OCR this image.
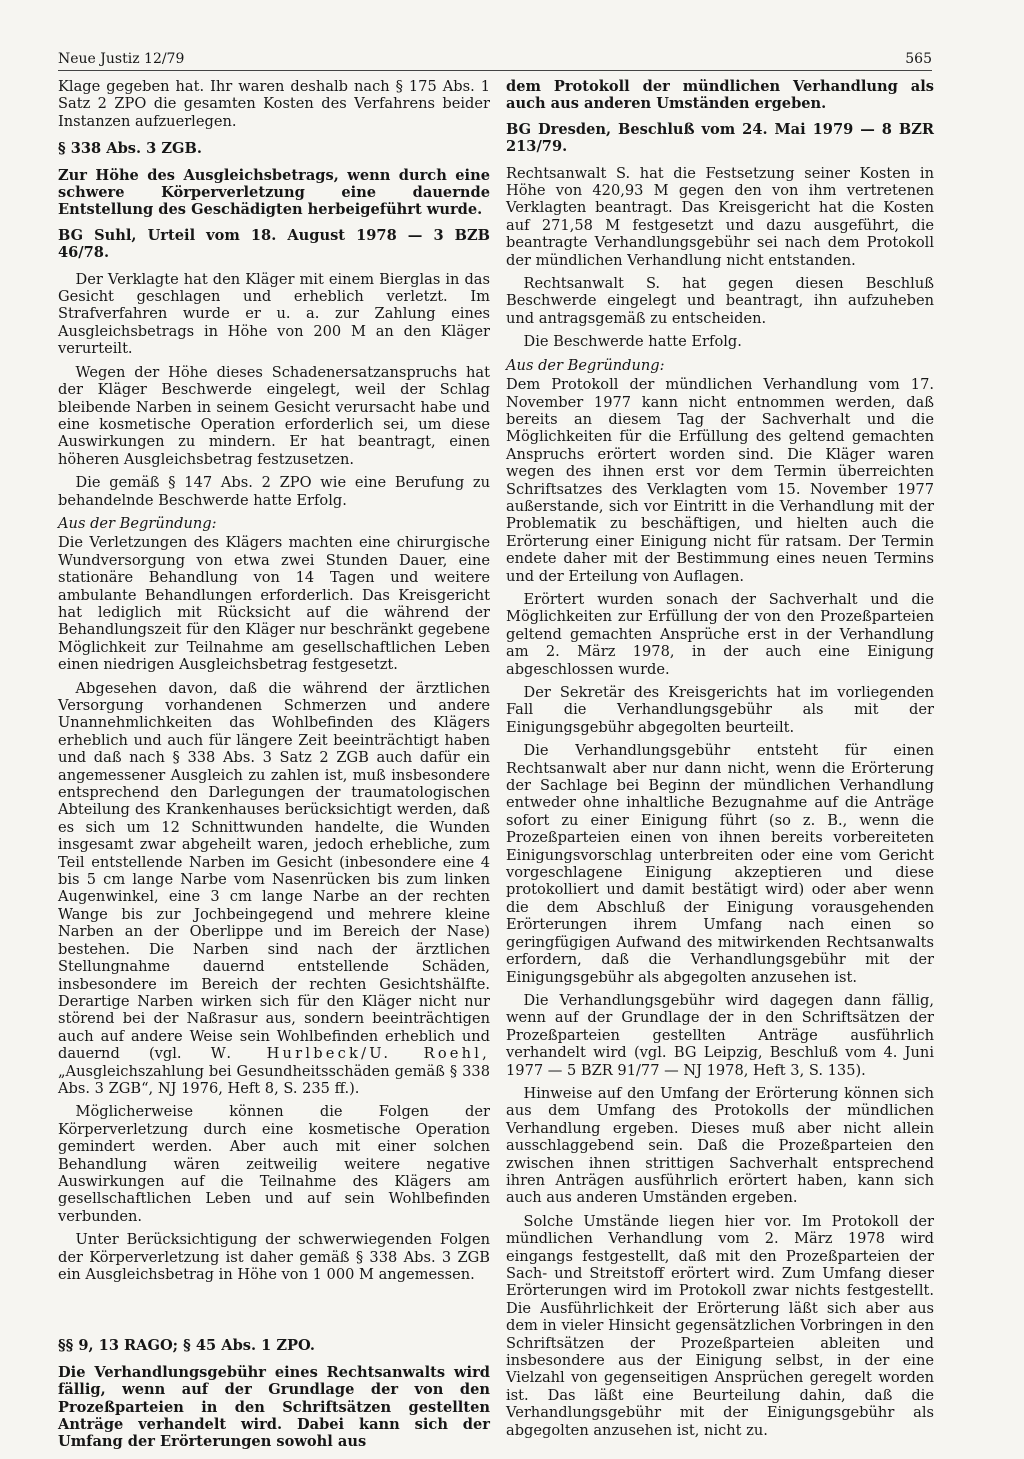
Neue Justiz 12/79	565

Klage gegeben hat. Ihr waren deshalb nach § 175 Abs. 1 Satz 2 ZPO die gesamten Kosten des Verfahrens beider Instanzen aufzuerlegen.

§ 338 Abs. 3 ZGB.

Zur Höhe des Ausgleichsbetrags, wenn durch eine schwere Körperverletzung eine dauernde Entstellung des Geschädigten herbeigeführt wurde.

BG Suhl, Urteil vom 18. August 1978 — 3 BZB 46/78.

Der Verklagte hat den Kläger mit einem Bierglas in das Gesicht geschlagen und erheblich verletzt. Im Strafverfahren wurde er u. a. zur Zahlung eines Ausgleichsbetrags in Höhe von 200 M an den Kläger verurteilt.

Wegen der Höhe dieses Schadenersatzanspruchs hat der Kläger Beschwerde eingelegt, weil der Schlag bleibende Narben in seinem Gesicht verursacht habe und eine kosmetische Operation erforderlich sei, um diese Auswirkungen zu mindern. Er hat beantragt, einen höheren Ausgleichsbetrag festzusetzen.

Die gemäß § 147 Abs. 2 ZPO wie eine Berufung zu behandelnde Beschwerde hatte Erfolg.

Aus der Begründung:

Die Verletzungen des Klägers machten eine chirurgische Wundversorgung von etwa zwei Stunden Dauer, eine stationäre Behandlung von 14 Tagen und weitere ambulante Behandlungen erforderlich. Das Kreisgericht hat lediglich mit Rücksicht auf die während der Behandlungszeit für den Kläger nur beschränkt gegebene Möglichkeit zur Teilnahme am gesellschaftlichen Leben einen niedrigen Ausgleichsbetrag festgesetzt.

Abgesehen davon, daß die während der ärztlichen Versorgung vorhandenen Schmerzen und andere Unannehmlichkeiten das Wohlbefinden des Klägers erheblich und auch für längere Zeit beeinträchtigt haben und daß nach § 338 Abs. 3 Satz 2 ZGB auch dafür ein angemessener Ausgleich zu zahlen ist, muß insbesondere entsprechend den Darlegungen der traumatologischen Abteilung des Krankenhauses berücksichtigt werden, daß es sich um 12 Schnittwunden handelte, die Wunden insgesamt zwar abgeheilt waren, jedoch erhebliche, zum Teil entstellende Narben im Gesicht (inbesondere eine 4 bis 5 cm lange Narbe vom Nasenrücken bis zum linken Augenwinkel, eine 3 cm lange Narbe an der rechten Wange bis zur Jochbeingegend und mehrere kleine Narben an der Oberlippe und im Bereich der Nase) bestehen. Die Narben sind nach der ärztlichen Stellungnahme dauernd entstellende Schäden, insbesondere im Bereich der rechten Gesichtshälfte. Derartige Narben wirken sich für den Kläger nicht nur störend bei der Naßrasur aus, sondern beeinträchtigen auch auf andere Weise sein Wohlbefinden erheblich und dauernd (vgl. W. Hurlbeck/U. Roehl, „Ausgleichszahlung bei Gesundheitsschäden gemäß § 338 Abs. 3 ZGB“, NJ 1976, Heft 8, S. 235 ff.).

Möglicherweise können die Folgen der Körperverletzung durch eine kosmetische Operation gemindert werden. Aber auch mit einer solchen Behandlung wären zeitweilig weitere negative Auswirkungen auf die Teilnahme des Klägers am gesellschaftlichen Leben und auf sein Wohlbefinden verbunden.

Unter Berücksichtigung der schwerwiegenden Folgen der Körperverletzung ist daher gemäß § 338 Abs. 3 ZGB ein Ausgleichsbetrag in Höhe von 1 000 M angemessen.

§§ 9, 13 RAGO; § 45 Abs. 1 ZPO.

Die Verhandlungsgebühr eines Rechtsanwalts wird fällig, wenn auf der Grundlage der von den Prozeßparteien in den Schriftsätzen gestellten Anträge verhandelt wird. Dabei kann sich der Umfang der Erörterungen sowohl aus

dem Protokoll der mündlichen Verhandlung als auch aus anderen Umständen ergeben.

BG Dresden, Beschluß vom 24. Mai 1979 — 8 BZR 213/79.

Rechtsanwalt S. hat die Festsetzung seiner Kosten in Höhe von 420,93 M gegen den von ihm vertretenen Verklagten beantragt. Das Kreisgericht hat die Kosten auf 271,58 M festgesetzt und dazu ausgeführt, die beantragte Verhandlungsgebühr sei nach dem Protokoll der mündlichen Verhandlung nicht entstanden.

Rechtsanwalt S. hat gegen diesen Beschluß Beschwerde eingelegt und beantragt, ihn aufzuheben und antragsgemäß zu entscheiden.

Die Beschwerde hatte Erfolg.

Aus der Begründung:

Dem Protokoll der mündlichen Verhandlung vom 17. November 1977 kann nicht entnommen werden, daß bereits an diesem Tag der Sachverhalt und die Möglichkeiten für die Erfüllung des geltend gemachten Anspruchs erörtert worden sind. Die Kläger waren wegen des ihnen erst vor dem Termin überreichten Schriftsatzes des Verklagten vom 15. November 1977 außerstande, sich vor Eintritt in die Verhandlung mit der Problematik zu beschäftigen, und hielten auch die Erörterung einer Einigung nicht für ratsam. Der Termin endete daher mit der Bestimmung eines neuen Termins und der Erteilung von Auflagen.

Erörtert wurden sonach der Sachverhalt und die Möglichkeiten zur Erfüllung der von den Prozeßparteien geltend gemachten Ansprüche erst in der Verhandlung am 2. März 1978, in der auch eine Einigung abgeschlossen wurde.

Der Sekretär des Kreisgerichts hat im vorliegenden Fall die Verhandlungsgebühr als mit der Einigungsgebühr abgegolten beurteilt.

Die Verhandlungsgebühr entsteht für einen Rechtsanwalt aber nur dann nicht, wenn die Erörterung der Sachlage bei Beginn der mündlichen Verhandlung entweder ohne inhaltliche Bezugnahme auf die Anträge sofort zu einer Einigung führt (so z. B., wenn die Prozeßparteien einen von ihnen bereits vorbereiteten Einigungsvorschlag unterbreiten oder eine vom Gericht vorgeschlagene Einigung akzeptieren und diese protokolliert und damit bestätigt wird) oder aber wenn die dem Abschluß der Einigung vorausgehenden Erörterungen ihrem Umfang nach einen so geringfügigen Aufwand des mitwirkenden Rechtsanwalts erfordern, daß die Verhandlungsgebühr mit der Einigungsgebühr als abgegolten anzusehen ist.

Die Verhandlungsgebühr wird dagegen dann fällig, wenn auf der Grundlage der in den Schriftsätzen der Prozeßparteien gestellten Anträge ausführlich verhandelt wird (vgl. BG Leipzig, Beschluß vom 4. Juni 1977 — 5 BZR 91/77 — NJ 1978, Heft 3, S. 135).

Hinweise auf den Umfang der Erörterung können sich aus dem Umfang des Protokolls der mündlichen Verhandlung ergeben. Dieses muß aber nicht allein ausschlaggebend sein. Daß die Prozeßparteien den zwischen ihnen strittigen Sachverhalt entsprechend ihren Anträgen ausführlich erörtert haben, kann sich auch aus anderen Umständen ergeben.

Solche Umstände liegen hier vor. Im Protokoll der mündlichen Verhandlung vom 2. März 1978 wird eingangs festgestellt, daß mit den Prozeßparteien der Sach- und Streitstoff erörtert wird. Zum Umfang dieser Erörterungen wird im Protokoll zwar nichts festgestellt. Die Ausführlichkeit der Erörterung läßt sich aber aus dem in vieler Hinsicht gegensätzlichen Vorbringen in den Schriftsätzen der Prozeßparteien ableiten und insbesondere aus der Einigung selbst, in der eine Vielzahl von gegenseitigen Ansprüchen geregelt worden ist. Das läßt eine Beurteilung dahin, daß die Verhandlungsgebühr mit der Einigungsgebühr als abgegolten anzusehen ist, nicht zu.
